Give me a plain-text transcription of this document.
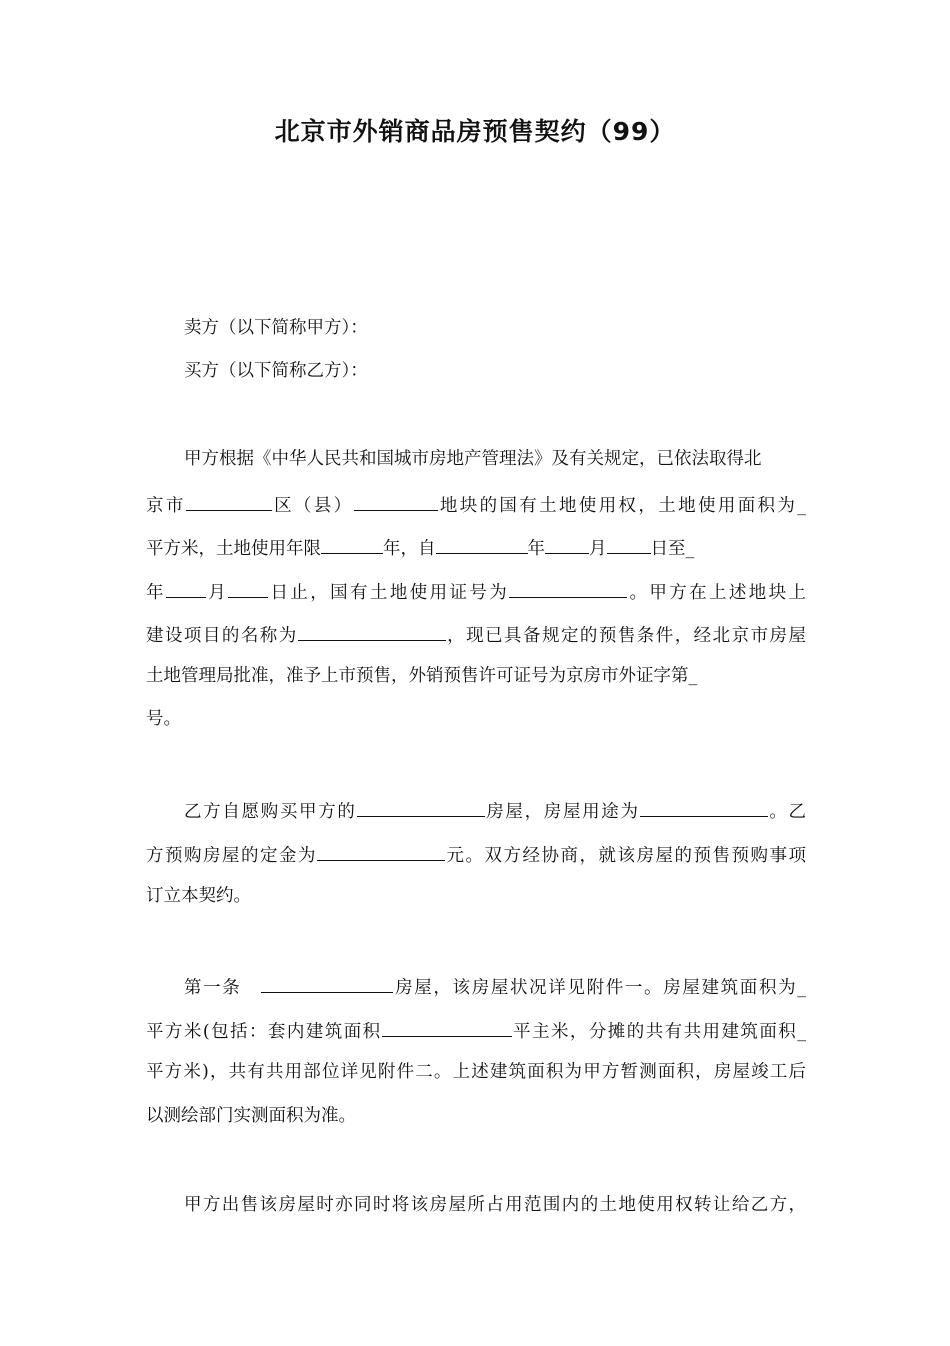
北京市外销商品房预售契约（99）
卖方（以下简称甲方）：
买方（以下简称乙方）：
甲方根据《中华人民共和国城市房地产管理法》及有关规定，已依法取得北
京市	区（县）	地块的国有土地使用权，土地使用面积为_
平方米，土地使用年限	年，自	年	月	日至_
年 月 日止，国有土地使用证号为	。甲方在上述地块上
建设项目的名称为	，现已具备规定的预售条件，经北京市房屋
土地管理局批准，准予上市预售，外销预售许可证号为京房市外证字第_
号。
乙方自愿购买甲方的	房屋，房屋用途为	。乙
方预购房屋的定金为	元。双方经协商，就该房屋的预售预购事项
订立本契约。
第一条	房屋，该房屋状况详见附件一。房屋建筑面积为_
平方米(包括：套内建筑面积	平主米，分摊的共有共用建筑面积_
平方米)，共有共用部位详见附件二。上述建筑面积为甲方暂测面积，房屋竣工后
以测绘部门实测面积为准。
甲方出售该房屋时亦同时将该房屋所占用范围内的土地使用权转让给乙方，
